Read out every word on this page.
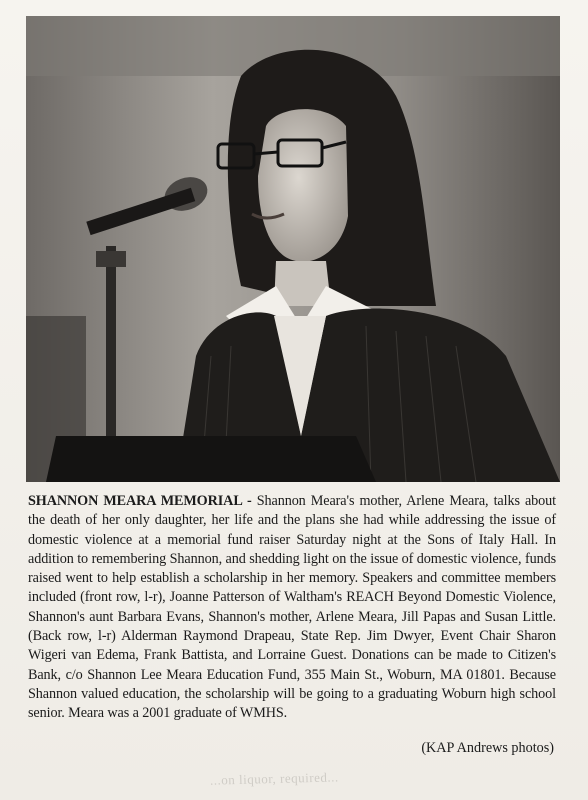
SHANNON MEARA MEMORIAL - Shannon Meara's mother, Arlene Meara, talks about the death of her only daughter, her life and the plans she had while addressing the issue of domestic violence at a memorial fund raiser Saturday night at the Sons of Italy Hall. In addition to remembering Shannon, and shedding light on the issue of domestic violence, funds raised went to help establish a scholarship in her memory. Speakers and committee members included (front row, l-r), Joanne Patterson of Waltham's REACH Beyond Domestic Violence, Shannon's aunt Barbara Evans, Shannon's mother, Arlene Meara, Jill Papas and Susan Little. (Back row, l-r) Alderman Raymond Drapeau, State Rep. Jim Dwyer, Event Chair Sharon Wigeri van Edema, Frank Battista, and Lorraine Guest. Donations can be made to Citizen's Bank, c/o Shannon Lee Meara Education Fund, 355 Main St., Woburn, MA 01801. Because Shannon valued education, the scholarship will be going to a graduating Woburn high school senior. Meara was a 2001 graduate of WMHS.
(KAP Andrews photos)
...on liquor, required...
